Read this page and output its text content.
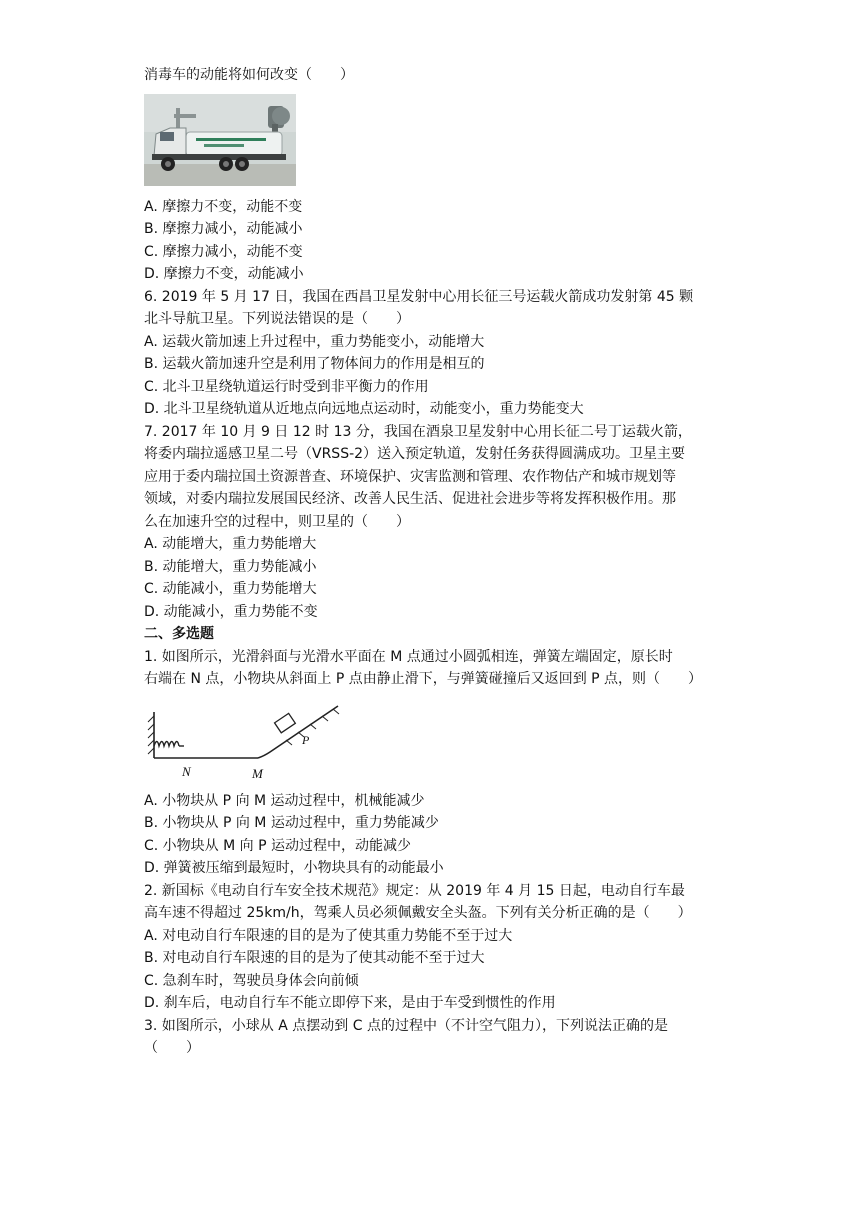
消毒车的动能将如何改变（　　）
A. 摩擦力不变，动能不变
B. 摩擦力减小，动能减小
C. 摩擦力减小，动能不变
D. 摩擦力不变，动能减小
6. 2019 年 5 月 17 日，我国在西昌卫星发射中心用长征三号运载火箭成功发射第 45 颗
北斗导航卫星。下列说法错误的是（　　）
A. 运载火箭加速上升过程中，重力势能变小，动能增大
B. 运载火箭加速升空是利用了物体间力的作用是相互的
C. 北斗卫星绕轨道运行时受到非平衡力的作用
D. 北斗卫星绕轨道从近地点向远地点运动时，动能变小，重力势能变大
7. 2017 年 10 月 9 日 12 时 13 分，我国在酒泉卫星发射中心用长征二号丁运载火箭，
将委内瑞拉遥感卫星二号（VRSS-2）送入预定轨道，发射任务获得圆满成功。卫星主要
应用于委内瑞拉国土资源普查、环境保护、灾害监测和管理、农作物估产和城市规划等
领域，对委内瑞拉发展国民经济、改善人民生活、促进社会进步等将发挥积极作用。那
么在加速升空的过程中，则卫星的（　　）
A. 动能增大，重力势能增大
B. 动能增大，重力势能减小
C. 动能减小，重力势能增大
D. 动能减小，重力势能不变
二、多选题
1. 如图所示，光滑斜面与光滑水平面在 M 点通过小圆弧相连，弹簧左端固定，原长时
右端在 N 点，小物块从斜面上 P 点由静止滑下，与弹簧碰撞后又返回到 P 点，则（　　）
N	M
P
A. 小物块从 P 向 M 运动过程中，机械能减少
B. 小物块从 P 向 M 运动过程中，重力势能减少
C. 小物块从 M 向 P 运动过程中，动能减少
D. 弹簧被压缩到最短时，小物块具有的动能最小
2. 新国标《电动自行车安全技术规范》规定：从 2019 年 4 月 15 日起，电动自行车最
高车速不得超过 25km/h，驾乘人员必须佩戴安全头盔。下列有关分析正确的是（　　）
A. 对电动自行车限速的目的是为了使其重力势能不至于过大
B. 对电动自行车限速的目的是为了使其动能不至于过大
C. 急刹车时，驾驶员身体会向前倾
D. 刹车后，电动自行车不能立即停下来，是由于车受到惯性的作用
3. 如图所示，小球从 A 点摆动到 C 点的过程中（不计空气阻力），下列说法正确的是
（　　）
